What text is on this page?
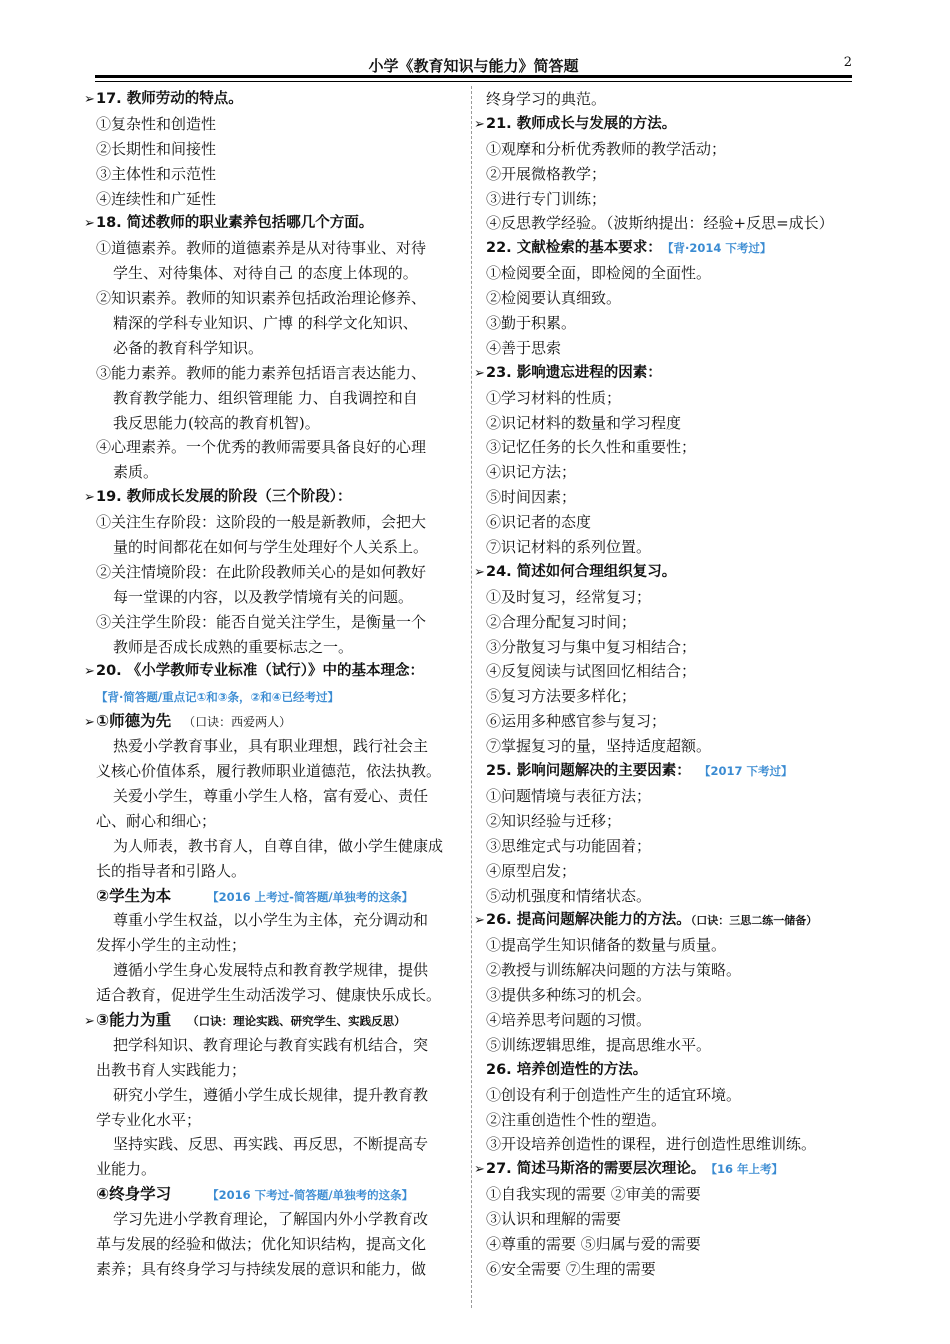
小学《教育知识与能力》简答题	2
➢17. 教师劳动的特点。
①复杂性和创造性
②长期性和间接性
③主体性和示范性
④连续性和广延性
➢18. 简述教师的职业素养包括哪几个方面。
①道德素养。教师的道德素养是从对待事业、对待
学生、对待集体、对待自己 的态度上体现的。
②知识素养。教师的知识素养包括政治理论修养、
精深的学科专业知识、广博 的科学文化知识、
必备的教育科学知识。
③能力素养。教师的能力素养包括语言表达能力、
教育教学能力、组织管理能 力、自我调控和自
我反思能力(较高的教育机智)。
④心理素养。一个优秀的教师需要具备良好的心理
素质。
➢19. 教师成长发展的阶段（三个阶段）：
①关注生存阶段：这阶段的一般是新教师，会把大
量的时间都花在如何与学生处理好个人关系上。
②关注情境阶段：在此阶段教师关心的是如何教好
每一堂课的内容，以及教学情境有关的问题。
③关注学生阶段：能否自觉关注学生，是衡量一个
教师是否成长成熟的重要标志之一。
➢20. 《小学教师专业标准（试行）》中的基本理念：
【背·简答题/重点记①和③条，②和④已经考过】
➢①师德为先 （口诀：西爱两人）
热爱小学教育事业，具有职业理想，践行社会主
义核心价值体系，履行教师职业道德范，依法执教。
关爱小学生，尊重小学生人格，富有爱心、责任
心、耐心和细心；
为人师表，教书育人，自尊自律，做小学生健康成
长的指导者和引路人。
②学生为本	【2016 上考过-简答题/单独考的这条】
尊重小学生权益，以小学生为主体，充分调动和
发挥小学生的主动性；
遵循小学生身心发展特点和教育教学规律，提供
适合教育，促进学生生动活泼学习、健康快乐成长。
➢③能力为重 （口诀：理论实践、研究学生、实践反思）
把学科知识、教育理论与教育实践有机结合，突
出教书育人实践能力；
研究小学生，遵循小学生成长规律，提升教育教
学专业化水平；
坚持实践、反思、再实践、再反思，不断提高专
业能力。
④终身学习	【2016 下考过-简答题/单独考的这条】
学习先进小学教育理论，了解国内外小学教育改
革与发展的经验和做法；优化知识结构，提高文化
素养；具有终身学习与持续发展的意识和能力，做
终身学习的典范。
➢21. 教师成长与发展的方法。
①观摩和分析优秀教师的教学活动；
②开展微格教学；
③进行专门训练；
④反思教学经验。（波斯纳提出：经验+反思=成长）
22. 文献检索的基本要求： 【背·2014 下考过】
①检阅要全面，即检阅的全面性。
②检阅要认真细致。
③勤于积累。
④善于思索
➢23. 影响遗忘进程的因素：
①学习材料的性质；
②识记材料的数量和学习程度
③记忆任务的长久性和重要性；
④识记方法；
⑤时间因素；
⑥识记者的态度
⑦识记材料的系列位置。
➢24. 简述如何合理组织复习。
①及时复习，经常复习；
②合理分配复习时间；
③分散复习与集中复习相结合；
④反复阅读与试图回忆相结合；
⑤复习方法要多样化；
⑥运用多种感官参与复习；
⑦掌握复习的量，坚持适度超额。
25. 影响问题解决的主要因素： 【2017 下考过】
①问题情境与表征方法；
②知识经验与迁移；
③思维定式与功能固着；
④原型启发；
⑤动机强度和情绪状态。
➢26. 提高问题解决能力的方法。（口诀：三思二练一储备）
①提高学生知识储备的数量与质量。
②教授与训练解决问题的方法与策略。
③提供多种练习的机会。
④培养思考问题的习惯。
⑤训练逻辑思维，提高思维水平。
26. 培养创造性的方法。
①创设有利于创造性产生的适宜环境。
②注重创造性个性的塑造。
③开设培养创造性的课程，进行创造性思维训练。
➢27. 简述马斯洛的需要层次理论。 【16 年上考】
①自我实现的需要 ②审美的需要
③认识和理解的需要
④尊重的需要 ⑤归属与爱的需要
⑥安全需要 ⑦生理的需要
